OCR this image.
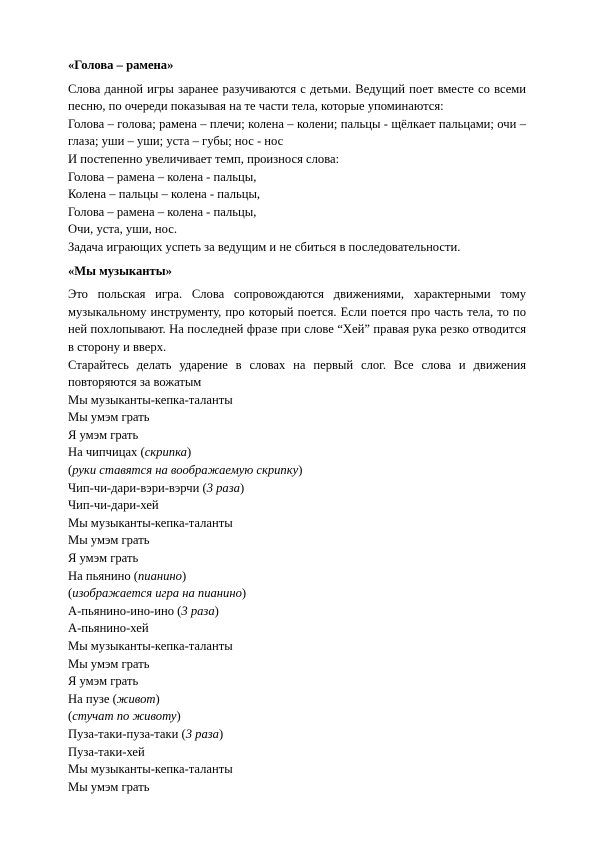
«Голова – рамена»

Слова данной игры заранее разучиваются с детьми. Ведущий поет вместе со всеми песню, по очереди показывая на те части тела, которые упоминаются:

Голова – голова; рамена – плечи; колена – колени; пальцы - щёлкает пальцами; очи – глаза; уши – уши; уста – губы; нос - нос

И постепенно увеличивает темп, произнося слова:

Голова – рамена – колена - пальцы,

Колена – пальцы – колена - пальцы,

Голова – рамена – колена - пальцы,

Очи, уста, уши, нос.

Задача играющих успеть за ведущим и не сбиться в последовательности.

«Мы музыканты»

Это польская игра. Слова сопровождаются движениями, характерными тому музыкальному инструменту, про который поется. Если поется про часть тела, то по ней похлопывают. На последней фразе при слове “Хей” правая рука резко отводится в сторону и вверх.

Старайтесь делать ударение в словах на первый слог. Все слова и движения повторяются за вожатым

Мы музыканты-кепка-таланты

Мы умэм грать

Я умэм грать

На чипчицах (скрипка)

(руки ставятся на воображаемую скрипку)

Чип-чи-дари-вэри-вэрчи (3 раза)

Чип-чи-дари-хей

Мы музыканты-кепка-таланты

Мы умэм грать

Я умэм грать

На пьянино (пианино)

(изображается игра на пианино)

А-пьянино-ино-ино (3 раза)

А-пьянино-хей

Мы музыканты-кепка-таланты

Мы умэм грать

Я умэм грать

На пузе (живот)

(стучат по животу)

Пуза-таки-пуза-таки (3 раза)

Пуза-таки-хей

Мы музыканты-кепка-таланты

Мы умэм грать
